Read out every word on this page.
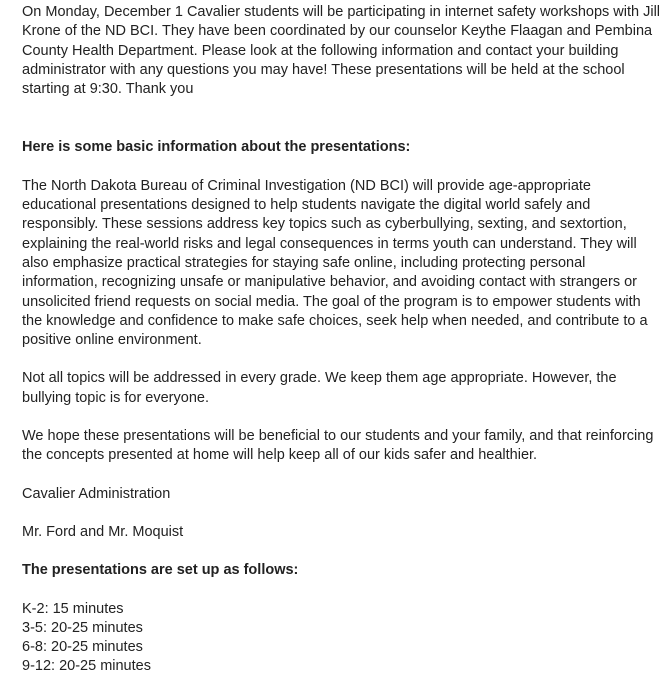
On Monday, December 1 Cavalier students will be participating in internet safety workshops with Jill Krone of the ND BCI. They have been coordinated by our counselor Keythe Flaagan and Pembina County Health Department. Please look at the following information and contact your building administrator with any questions you may have! These presentations will be held at the school starting at 9:30. Thank you

Here is some basic information about the presentations:

The North Dakota Bureau of Criminal Investigation (ND BCI) will provide age-appropriate educational presentations designed to help students navigate the digital world safely and responsibly. These sessions address key topics such as cyberbullying, sexting, and sextortion, explaining the real-world risks and legal consequences in terms youth can understand. They will also emphasize practical strategies for staying safe online, including protecting personal information, recognizing unsafe or manipulative behavior, and avoiding contact with strangers or unsolicited friend requests on social media. The goal of the program is to empower students with the knowledge and confidence to make safe choices, seek help when needed, and contribute to a positive online environment.

Not all topics will be addressed in every grade. We keep them age appropriate. However, the bullying topic is for everyone.

We hope these presentations will be beneficial to our students and your family, and that reinforcing the concepts presented at home will help keep all of our kids safer and healthier.

Cavalier Administration

Mr. Ford and Mr. Moquist

The presentations are set up as follows:

K-2: 15 minutes
3-5: 20-25 minutes
6-8: 20-25 minutes
9-12: 20-25 minutes
